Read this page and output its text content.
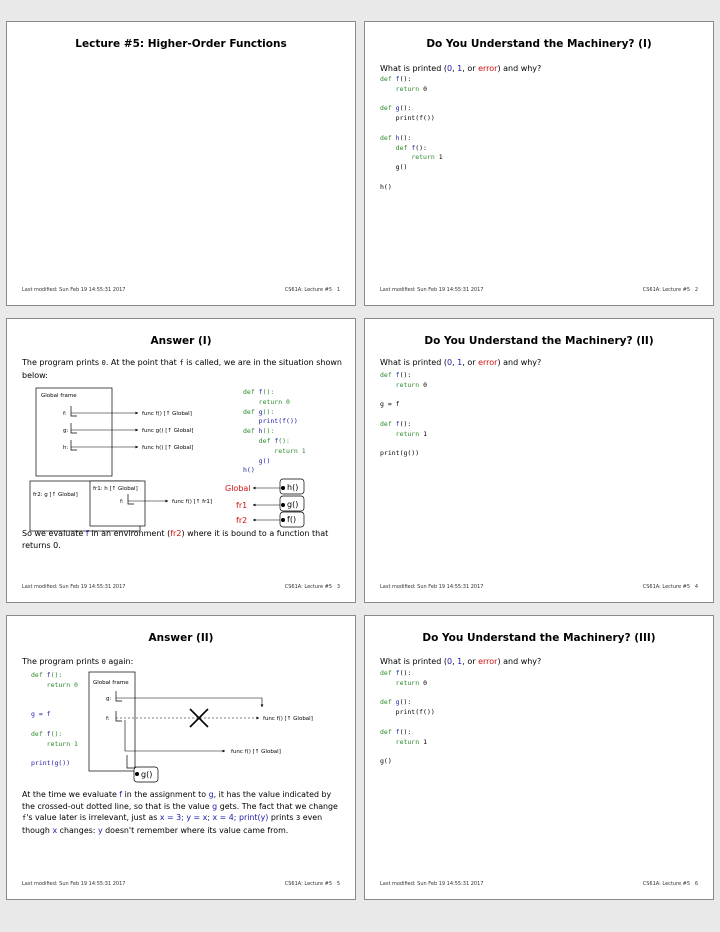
Lecture #5: Higher-Order Functions
Last modified: Sun Feb 19 14:55:31 2017	CS61A: Lecture #5 1
Do You Understand the Machinery? (I)
What is printed (0, 1, or error) and why?
def f():
return 0

def g():
print(f())

def h():
def f():
return 1
g()

h()
Last modified: Sun Feb 19 14:55:31 2017	CS61A: Lecture #5 2
Answer (I)
The program prints 0. At the point that f is called, we are in the situation shown below:
def f():
return 0
def g():
print(f())
def h():
def f():
return 1
g()
h()
Global frame
f:	func f() [↑ Global]
g:	func g() [↑ Global]
h:	func h() [↑ Global]
fr2: g [↑ Global]
fr1: h [↑ Global]
f:	func f() [↑ fr1]
Global
fr1
fr2
h()
g()
f()
So we evaluate f in an environment (fr2) where it is bound to a function that returns 0.
Last modified: Sun Feb 19 14:55:31 2017	CS61A: Lecture #5 3
Do You Understand the Machinery? (II)
What is printed (0, 1, or error) and why?
def f():
return 0

g = f

def f():
return 1

print(g())
Last modified: Sun Feb 19 14:55:31 2017	CS61A: Lecture #5 4
Answer (II)
The program prints 0 again:
def f():
return 0

g = f

def f():
return 1

print(g())
Global frame
g:
f:	func f() [↑ Global]
func f() [↑ Global]
g()
At the time we evaluate f in the assignment to g, it has the value indicated by the crossed-out dotted line, so that is the value g gets. The fact that we change f's value later is irrelevant, just as x = 3; y = x; x = 4; print(y) prints 3 even though x changes: y doesn't remember where its value came from.
Last modified: Sun Feb 19 14:55:31 2017	CS61A: Lecture #5 5
Do You Understand the Machinery? (III)
What is printed (0, 1, or error) and why?
def f():
return 0

def g():
print(f())

def f():
return 1

g()
Last modified: Sun Feb 19 14:55:31 2017	CS61A: Lecture #5 6
